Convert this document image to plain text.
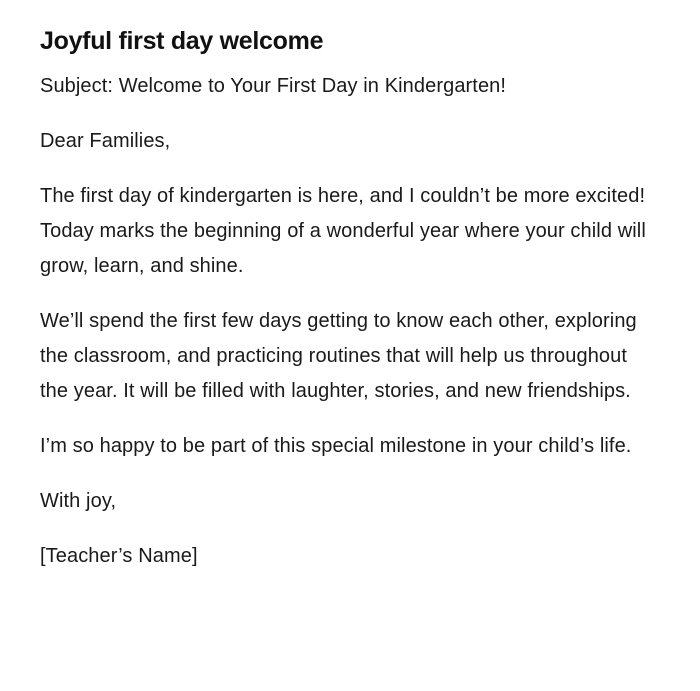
Joyful first day welcome

Subject: Welcome to Your First Day in Kindergarten!

Dear Families,

The first day of kindergarten is here, and I couldn’t be more excited! Today marks the beginning of a wonderful year where your child will grow, learn, and shine.

We’ll spend the first few days getting to know each other, exploring the classroom, and practicing routines that will help us throughout the year. It will be filled with laughter, stories, and new friendships.

I’m so happy to be part of this special milestone in your child’s life.

With joy,

[Teacher’s Name]
